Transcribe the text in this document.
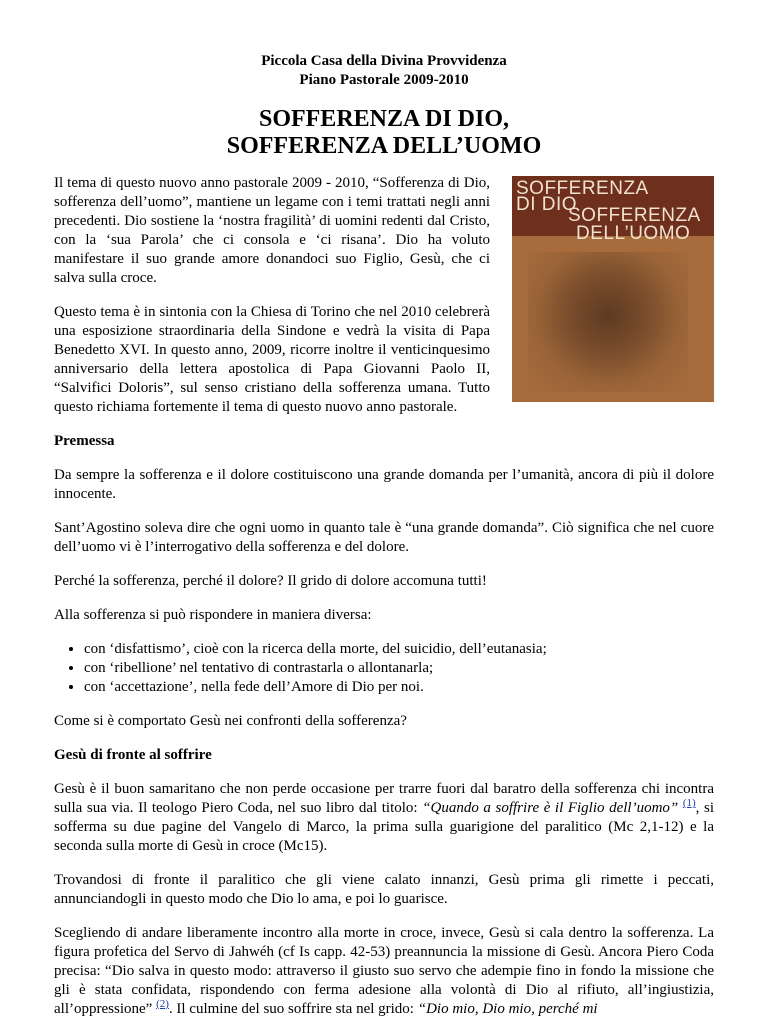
Piccola Casa della Divina Provvidenza
Piano Pastorale 2009-2010
SOFFERENZA DI DIO,
SOFFERENZA DELL’UOMO

Il tema di questo nuovo anno pastorale 2009 - 2010, “Sofferenza di Dio, sofferenza dell’uomo”, mantiene un legame con i temi trattati negli anni precedenti. Dio sostiene la ‘nostra fragilità’ di uomini redenti dal Cristo, con la ‘sua Parola’ che ci consola e ‘ci risana’. Dio ha voluto manifestare il suo grande amore donandoci suo Figlio, Gesù, che ci salva sulla croce.

Questo tema è in sintonia con la Chiesa di Torino che nel 2010 celebrerà una esposizione straordinaria della Sindone e vedrà la visita di Papa Benedetto XVI. In questo anno, 2009, ricorre inoltre il venticinquesimo anniversario della lettera apostolica di Papa Giovanni Paolo II, “Salvifici Doloris”, sul senso cristiano della sofferenza umana. Tutto questo richiama fortemente il tema di questo nuovo anno pastorale.

SOFFERENZA
DI DIO
SOFFERENZA
DELL’UOMO

Premessa

Da sempre la sofferenza e il dolore costituiscono una grande domanda per l’umanità, ancora di più il dolore innocente.

Sant’Agostino soleva dire che ogni uomo in quanto tale è “una grande domanda”. Ciò significa che nel cuore dell’uomo vi è l’interrogativo della sofferenza e del dolore.

Perché la sofferenza, perché il dolore? Il grido di dolore accomuna tutti!

Alla sofferenza si può rispondere in maniera diversa:

• con ‘disfattismo’, cioè con la ricerca della morte, del suicidio, dell’eutanasia;
• con ‘ribellione’ nel tentativo di contrastarla o allontanarla;
• con ‘accettazione’, nella fede dell’Amore di Dio per noi.

Come si è comportato Gesù nei confronti della sofferenza?

Gesù di fronte al soffrire

Gesù è il buon samaritano che non perde occasione per trarre fuori dal baratro della sofferenza chi incontra sulla sua via. Il teologo Piero Coda, nel suo libro dal titolo: “Quando a soffrire è il Figlio dell’uomo” $^{(1)}$, si sofferma su due pagine del Vangelo di Marco, la prima sulla guarigione del paralitico (Mc 2,1-12) e la seconda sulla morte di Gesù in croce (Mc15).

Trovandosi di fronte il paralitico che gli viene calato innanzi, Gesù prima gli rimette i peccati, annunciandogli in questo modo che Dio lo ama, e poi lo guarisce.

Scegliendo di andare liberamente incontro alla morte in croce, invece, Gesù si cala dentro la sofferenza. La figura profetica del Servo di Jahwéh (cf Is capp. 42-53) preannuncia la missione di Gesù. Ancora Piero Coda precisa: “Dio salva in questo modo: attraverso il giusto suo servo che adempie fino in fondo la missione che gli è stata confidata, rispondendo con ferma adesione alla volontà di Dio al rifiuto, all’ingiustizia, all’oppressione” $^{(2)}$. Il culmine del suo soffrire sta nel grido: “Dio mio, Dio mio, perché mi
